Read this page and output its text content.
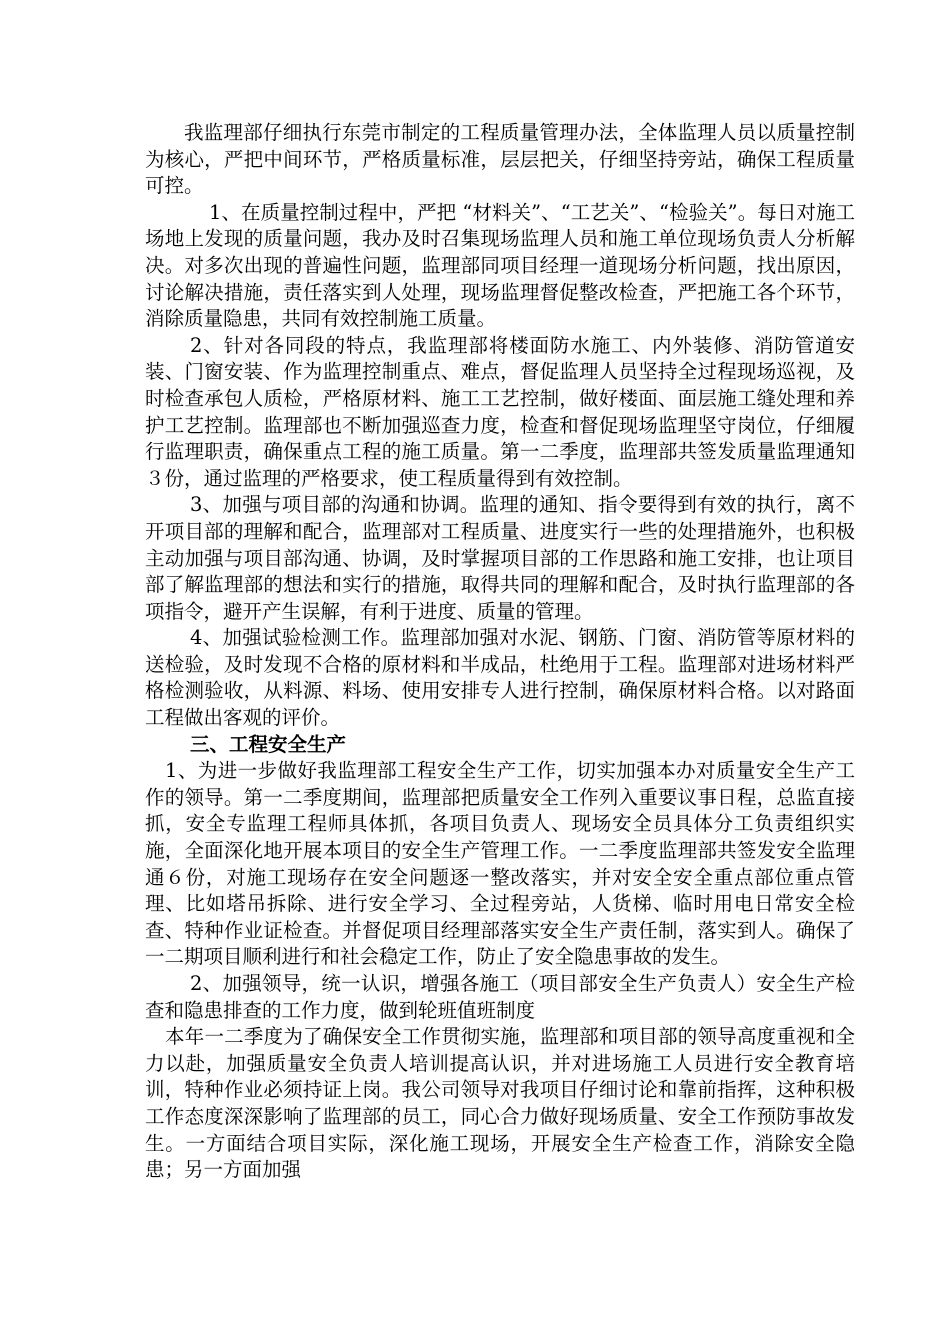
我监理部仔细执行东莞市制定的工程质量管理办法，全体监理人员以质量控制为核心，严把中间环节，严格质量标准，层层把关，仔细坚持旁站，确保工程质量可控。

1、在质量控制过程中，严把 “材料关”、“工艺关”、“检验关”。每日对施工场地上发现的质量问题，我办及时召集现场监理人员和施工单位现场负责人分析解决。对多次出现的普遍性问题，监理部同项目经理一道现场分析问题，找出原因，讨论解决措施，责任落实到人处理，现场监理督促整改检查，严把施工各个环节，消除质量隐患，共同有效控制施工质量。

2、针对各同段的特点，我监理部将楼面防水施工、内外装修、消防管道安装、门窗安装、作为监理控制重点、难点，督促监理人员坚持全过程现场巡视，及时检查承包人质检，严格原材料、施工工艺控制，做好楼面、面层施工缝处理和养护工艺控制。监理部也不断加强巡查力度，检查和督促现场监理坚守岗位，仔细履行监理职责，确保重点工程的施工质量。第一二季度，监理部共签发质量监理通知３份，通过监理的严格要求，使工程质量得到有效控制。

3、加强与项目部的沟通和协调。监理的通知、指令要得到有效的执行，离不开项目部的理解和配合，监理部对工程质量、进度实行一些的处理措施外，也积极主动加强与项目部沟通、协调，及时掌握项目部的工作思路和施工安排，也让项目部了解监理部的想法和实行的措施，取得共同的理解和配合，及时执行监理部的各项指令，避开产生误解，有利于进度、质量的管理。

4、加强试验检测工作。监理部加强对水泥、钢筋、门窗、消防管等原材料的送检验，及时发现不合格的原材料和半成品，杜绝用于工程。监理部对进场材料严格检测验收，从料源、料场、使用安排专人进行控制，确保原材料合格。以对路面工程做出客观的评价。

三、工程安全生产

1、为进一步做好我监理部工程安全生产工作，切实加强本办对质量安全生产工作的领导。第一二季度期间，监理部把质量安全工作列入重要议事日程，总监直接抓，安全专监理工程师具体抓，各项目负责人、现场安全员具体分工负责组织实施，全面深化地开展本项目的安全生产管理工作。一二季度监理部共签发安全监理通６份，对施工现场存在安全问题逐一整改落实，并对安全安全重点部位重点管理、比如塔吊拆除、进行安全学习、全过程旁站，人货梯、临时用电日常安全检查、特种作业证检查。并督促项目经理部落实安全生产责任制，落实到人。确保了一二期项目顺利进行和社会稳定工作，防止了安全隐患事故的发生。

2、加强领导，统一认识，增强各施工（项目部安全生产负责人）安全生产检查和隐患排查的工作力度，做到轮班值班制度

本年一二季度为了确保安全工作贯彻实施，监理部和项目部的领导高度重视和全力以赴，加强质量安全负责人培训提高认识，并对进场施工人员进行安全教育培训，特种作业必须持证上岗。我公司领导对我项目仔细讨论和靠前指挥，这种积极工作态度深深影响了监理部的员工，同心合力做好现场质量、安全工作预防事故发生。一方面结合项目实际，深化施工现场，开展安全生产检查工作，消除安全隐患；另一方面加强
